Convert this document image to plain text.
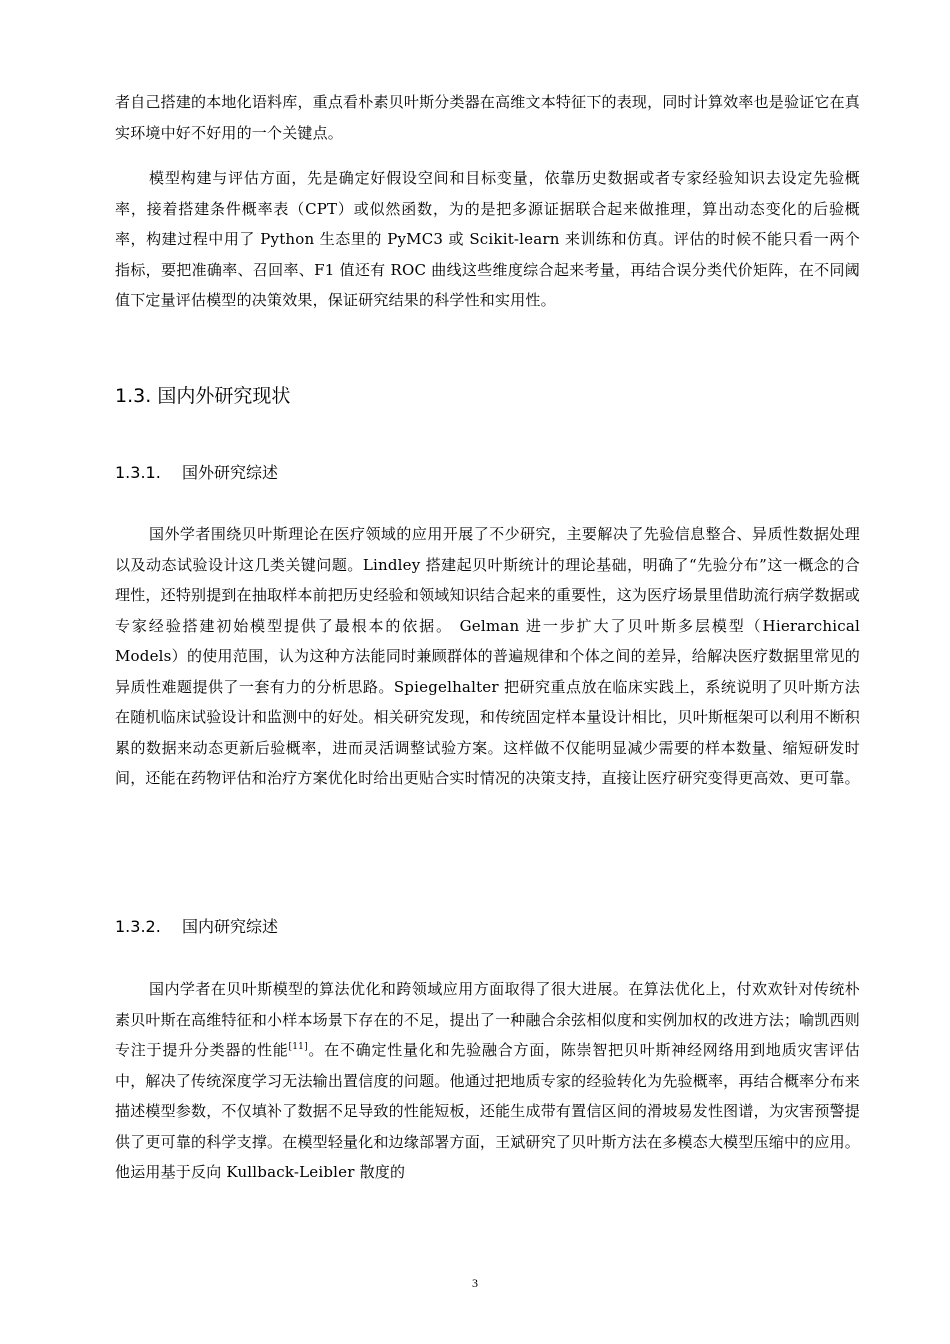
者自己搭建的本地化语料库，重点看朴素贝叶斯分类器在高维文本特征下的表现，同时计算效率也是验证它在真实环境中好不好用的一个关键点。

模型构建与评估方面，先是确定好假设空间和目标变量，依靠历史数据或者专家经验知识去设定先验概率，接着搭建条件概率表（CPT）或似然函数，为的是把多源证据联合起来做推理，算出动态变化的后验概率，构建过程中用了 Python 生态里的 PyMC3 或 Scikit-learn 来训练和仿真。评估的时候不能只看一两个指标，要把准确率、召回率、F1 值还有 ROC 曲线这些维度综合起来考量，再结合误分类代价矩阵，在不同阈值下定量评估模型的决策效果，保证研究结果的科学性和实用性。

1.3. 国内外研究现状
1.3.1. 国外研究综述

国外学者围绕贝叶斯理论在医疗领域的应用开展了不少研究，主要解决了先验信息整合、异质性数据处理以及动态试验设计这几类关键问题。Lindley 搭建起贝叶斯统计的理论基础，明确了“先验分布”这一概念的合理性，还特别提到在抽取样本前把历史经验和领域知识结合起来的重要性，这为医疗场景里借助流行病学数据或专家经验搭建初始模型提供了最根本的依据。 Gelman 进一步扩大了贝叶斯多层模型（Hierarchical Models）的使用范围，认为这种方法能同时兼顾群体的普遍规律和个体之间的差异，给解决医疗数据里常见的异质性难题提供了一套有力的分析思路。Spiegelhalter 把研究重点放在临床实践上，系统说明了贝叶斯方法在随机临床试验设计和监测中的好处。相关研究发现，和传统固定样本量设计相比，贝叶斯框架可以利用不断积累的数据来动态更新后验概率，进而灵活调整试验方案。这样做不仅能明显减少需要的样本数量、缩短研发时间，还能在药物评估和治疗方案优化时给出更贴合实时情况的决策支持，直接让医疗研究变得更高效、更可靠。

1.3.2. 国内研究综述

国内学者在贝叶斯模型的算法优化和跨领域应用方面取得了很大进展。在算法优化上，付欢欢针对传统朴素贝叶斯在高维特征和小样本场景下存在的不足，提出了一种融合余弦相似度和实例加权的改进方法；喻凯西则专注于提升分类器的性能[11]。在不确定性量化和先验融合方面，陈崇智把贝叶斯神经网络用到地质灾害评估中，解决了传统深度学习无法输出置信度的问题。他通过把地质专家的经验转化为先验概率，再结合概率分布来描述模型参数，不仅填补了数据不足导致的性能短板，还能生成带有置信区间的滑坡易发性图谱，为灾害预警提供了更可靠的科学支撑。在模型轻量化和边缘部署方面，王斌研究了贝叶斯方法在多模态大模型压缩中的应用。他运用基于反向 Kullback-Leibler 散度的

3
